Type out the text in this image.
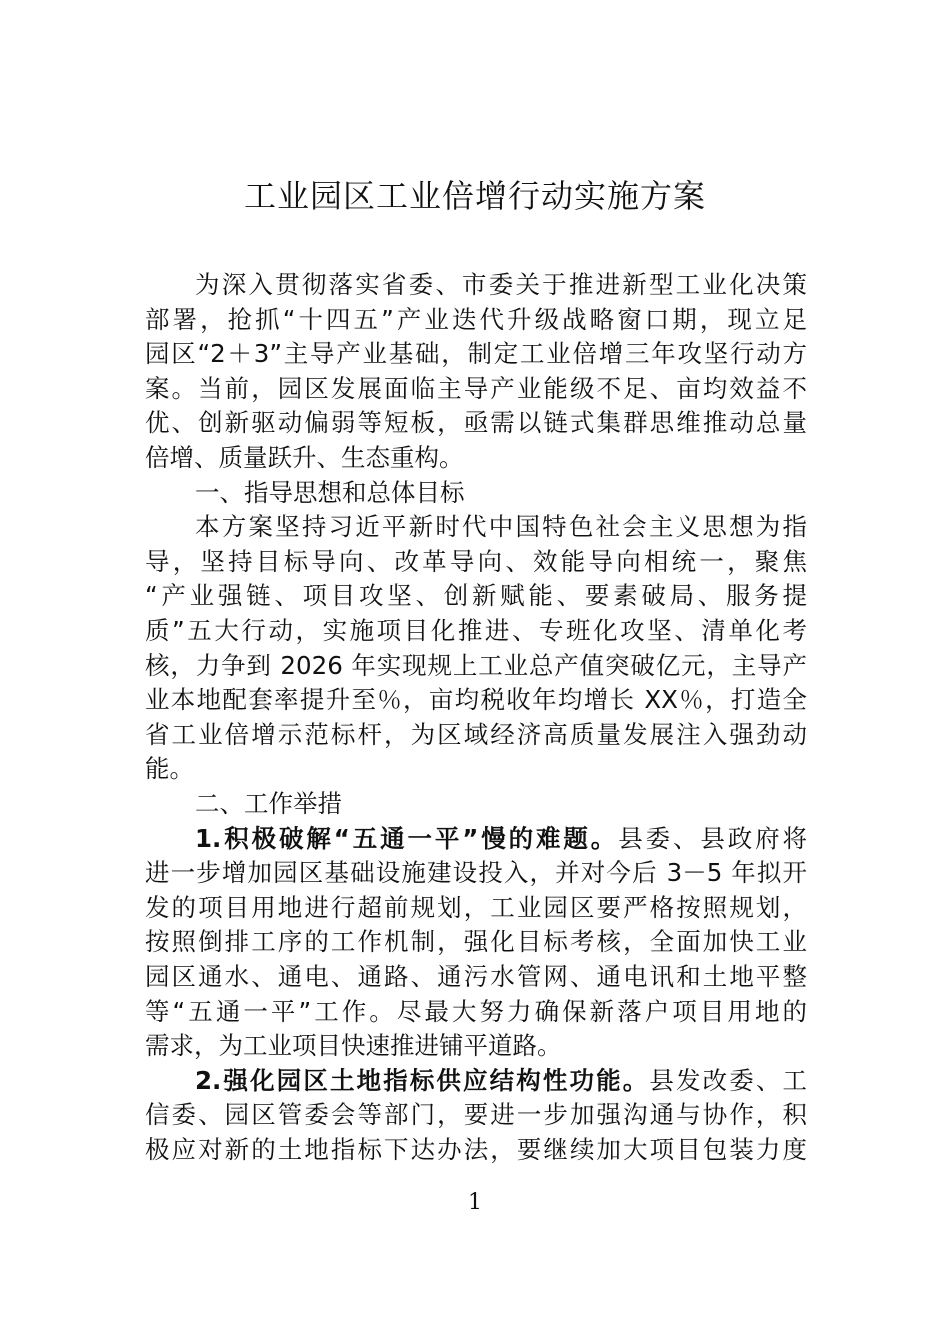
工业园区工业倍增行动实施方案
为深入贯彻落实省委、市委关于推进新型工业化决策
部署，抢抓“十四五”产业迭代升级战略窗口期，现立足
园区“2＋3”主导产业基础，制定工业倍增三年攻坚行动方
案。当前，园区发展面临主导产业能级不足、亩均效益不
优、创新驱动偏弱等短板，亟需以链式集群思维推动总量
倍增、质量跃升、生态重构。
一、指导思想和总体目标
本方案坚持习近平新时代中国特色社会主义思想为指
导，坚持目标导向、改革导向、效能导向相统一，聚焦
“产业强链、项目攻坚、创新赋能、要素破局、服务提
质”五大行动，实施项目化推进、专班化攻坚、清单化考
核，力争到 2026 年实现规上工业总产值突破亿元，主导产
业本地配套率提升至％，亩均税收年均增长 XX％，打造全
省工业倍增示范标杆，为区域经济高质量发展注入强劲动
能。
二、工作举措
1.积极破解“五通一平”慢的难题。县委、县政府将
进一步增加园区基础设施建设投入，并对今后 3－5 年拟开
发的项目用地进行超前规划，工业园区要严格按照规划，
按照倒排工序的工作机制，强化目标考核，全面加快工业
园区通水、通电、通路、通污水管网、通电讯和土地平整
等“五通一平”工作。尽最大努力确保新落户项目用地的
需求，为工业项目快速推进铺平道路。
2.强化园区土地指标供应结构性功能。县发改委、工
信委、园区管委会等部门，要进一步加强沟通与协作，积
极应对新的土地指标下达办法，要继续加大项目包装力度
1
